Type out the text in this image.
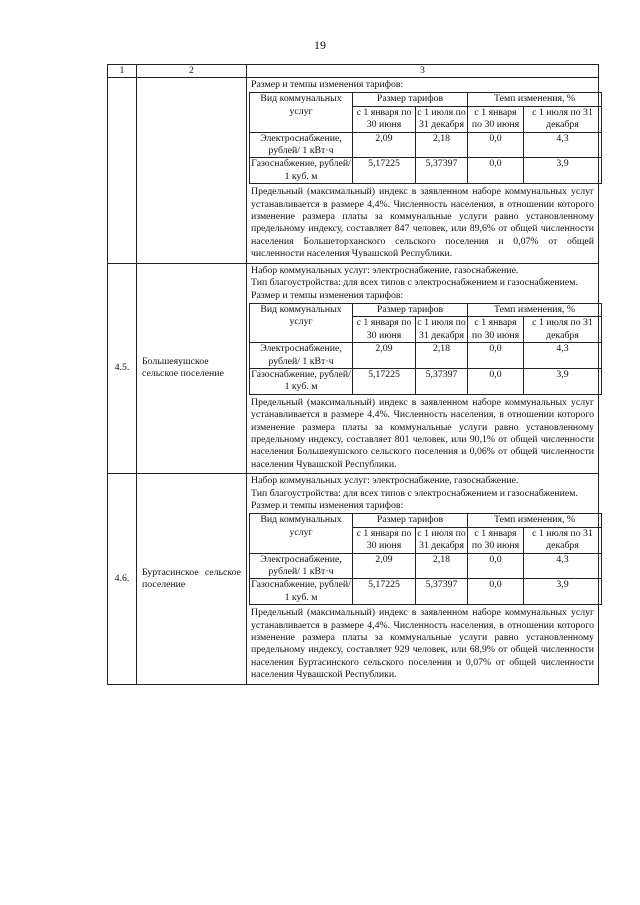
19
1	2	3

Размер и темпы изменения тарифов:
Вид коммунальных услуг	Размер тарифов	Темп изменения, %
с 1 января по 30 июня	с 1 июля по 31 декабря	с 1 января по 30 июня	с 1 июля по 31 декабря
Электроснабжение, рублей/ 1 кВт·ч	2,09	2,18	0,0	4,3
Газоснабжение, рублей/ 1 куб. м	5,17225	5,37397	0,0	3,9
Предельный (максимальный) индекс в заявленном наборе коммунальных услуг устанавливается в размере 4,4%. Численность населения, в отношении которого изменение размера платы за коммунальные услуги равно установленному предельному индексу, составляет 847 человек, или 89,6% от общей численности населения Большеторханского сельского поселения и 0,07% от общей численности населения Чувашской Республики.

4.5.	Большеяушское сельское поселение	
Набор коммунальных услуг: электроснабжение, газоснабжение.
Тип благоустройства: для всех типов с электроснабжением и газоснабжением.
Размер и темпы изменения тарифов:
Вид коммунальных услуг	Размер тарифов	Темп изменения, %
с 1 января по 30 июня	с 1 июля по 31 декабря	с 1 января по 30 июня	с 1 июля по 31 декабря
Электроснабжение, рублей/ 1 кВт·ч	2,09	2,18	0,0	4,3
Газоснабжение, рублей/ 1 куб. м	5,17225	5,37397	0,0	3,9
Предельный (максимальный) индекс в заявленном наборе коммунальных услуг устанавливается в размере 4,4%. Численность населения, в отношении которого изменение размера платы за коммунальные услуги равно установленному предельному индексу, составляет 801 человек, или 90,1% от общей численности населения Большеяушского сельского поселения и 0,06% от общей численности населения Чувашской Республики.

4.6.	Буртасинское сельское поселение	
Набор коммунальных услуг: электроснабжение, газоснабжение.
Тип благоустройства: для всех типов с электроснабжением и газоснабжением.
Размер и темпы изменения тарифов:
Вид коммунальных услуг	Размер тарифов	Темп изменения, %
с 1 января по 30 июня	с 1 июля по 31 декабря	с 1 января по 30 июня	с 1 июля по 31 декабря
Электроснабжение, рублей/ 1 кВт·ч	2,09	2,18	0,0	4,3
Газоснабжение, рублей/ 1 куб. м	5,17225	5,37397	0,0	3,9
Предельный (максимальный) индекс в заявленном наборе коммунальных услуг устанавливается в размере 4,4%. Численность населения, в отношении которого изменение размера платы за коммунальные услуги равно установленному предельному индексу, составляет 929 человек, или 68,9% от общей численности населения Буртасинского сельского поселения и 0,07% от общей численности населения Чувашской Республики.
